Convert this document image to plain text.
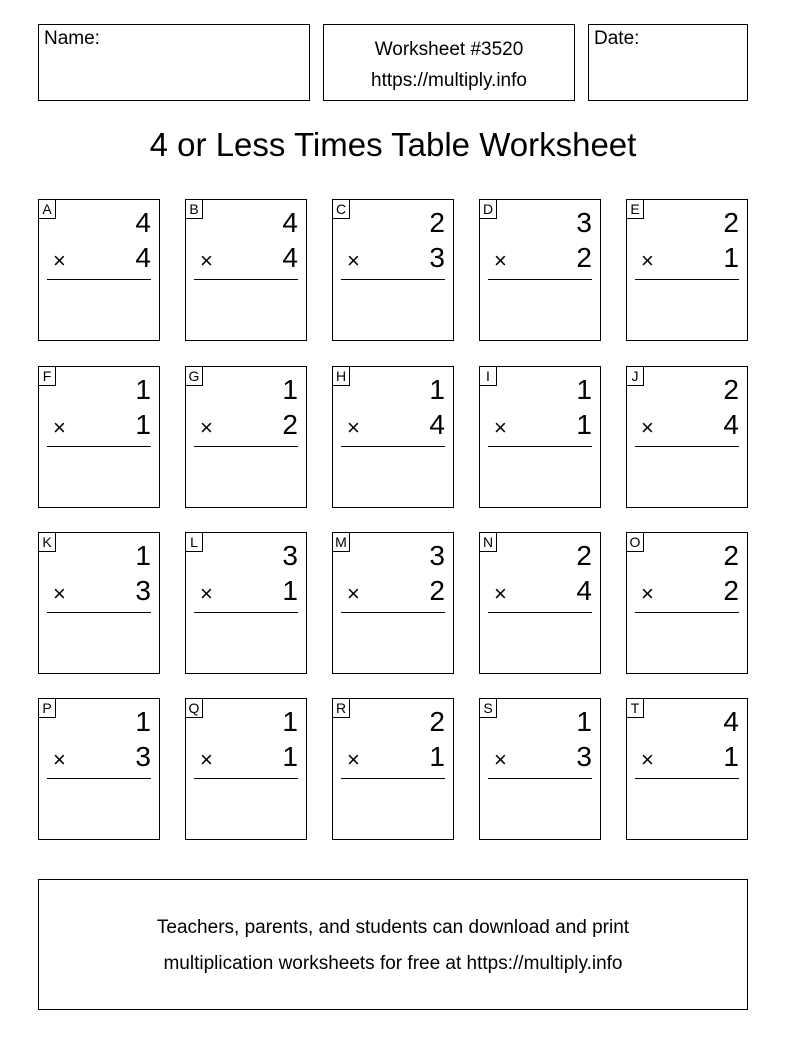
Name:
Worksheet #3520
https://multiply.info
Date:
4 or Less Times Table Worksheet
A	4
× 4
B	4
× 4
C	2
× 3
D	3
× 2
E	2
× 1
F	1
× 1
G	1
× 2
H	1
× 4
I	1
× 1
J	2
× 4
K	1
× 3
L	3
× 1
M	3
× 2
N	2
× 4
O	2
× 2
P	1
× 3
Q	1
× 1
R	2
× 1
S	1
× 3
T	4
× 1
Teachers, parents, and students can download and print
multiplication worksheets for free at https://multiply.info
